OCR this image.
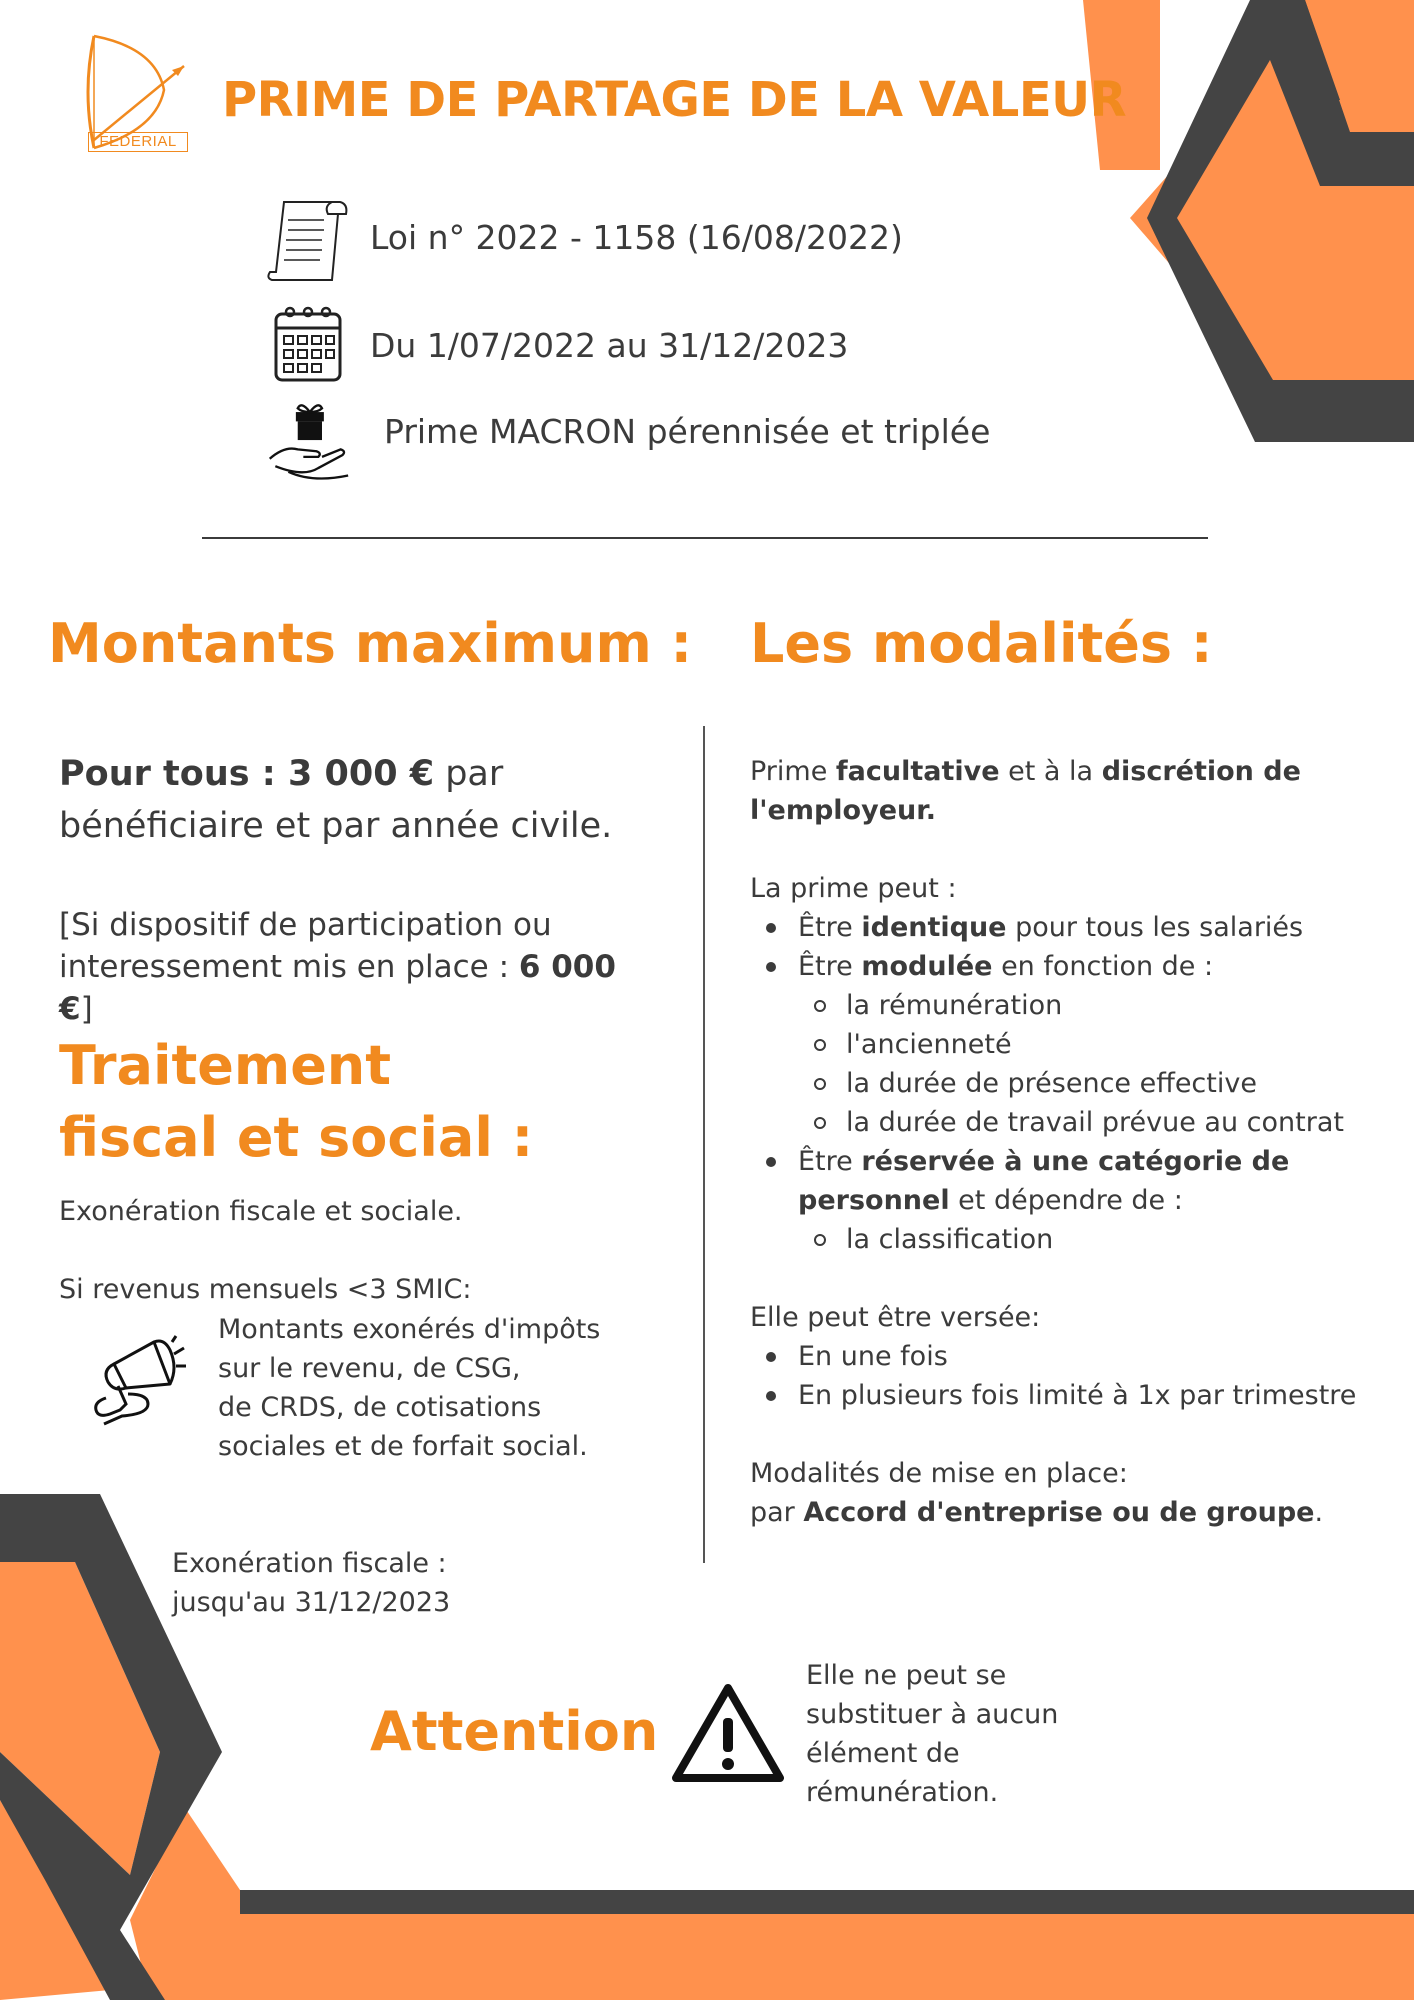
FEDERIAL
PRIME DE PARTAGE DE LA VALEUR
Loi n° 2022 - 1158 (16/08/2022)
Du 1/07/2022 au 31/12/2023
Prime MACRON pérennisée et triplée
Montants maximum :
Pour tous : 3 000 € par bénéficiaire et par année civile.
[Si dispositif de participation ou interessement mis en place : 6 000 €]
Traitement
fiscal et social :
Exonération fiscale et sociale.
Si revenus mensuels <3 SMIC:
Montants exonérés d'impôts
sur le revenu, de CSG,
de CRDS, de cotisations
sociales et de forfait social.
Exonération fiscale :
jusqu'au 31/12/2023
Les modalités :
Prime facultative et à la discrétion de l'employeur.
La prime peut :
Être identique pour tous les salariés
Être modulée en fonction de :
la rémunération
l'ancienneté
la durée de présence effective
la durée de travail prévue au contrat
Être réservée à une catégorie de personnel et dépendre de :
la classification
Elle peut être versée:
En une fois
En plusieurs fois limité à 1x par trimestre
Modalités de mise en place:
par Accord d'entreprise ou de groupe.
Attention
Elle ne peut se
substituer à aucun
élément de
rémunération.
